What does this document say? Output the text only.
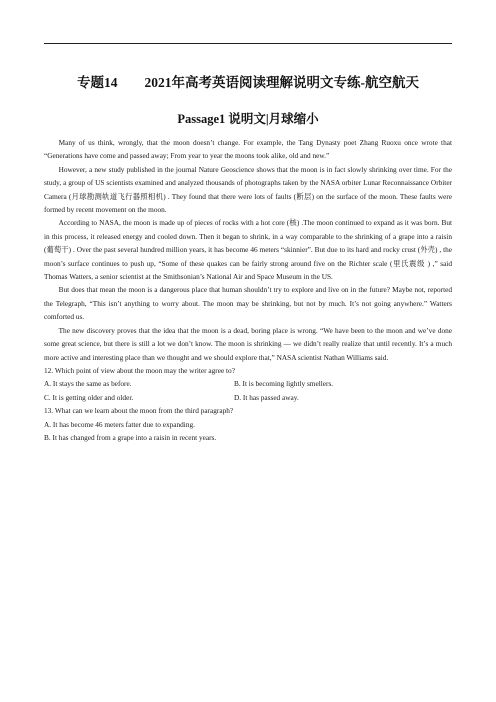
专题14　　2021年高考英语阅读理解说明文专练-航空航天
Passage1 说明文|月球缩小

Many of us think, wrongly, that the moon doesn’t change. For example, the Tang Dynasty poet Zhang Ruoxu once wrote that “Generations have come and passed away; From year to year the moons took alike, old and new.”

However, a new study published in the journal Nature Geoscience shows that the moon is in fact slowly shrinking over time. For the study, a group of US scientists examined and analyzed thousands of photographs taken by the NASA orbiter Lunar Reconnaissance Orbiter Camera (月球勘测轨道飞行器照相机) . They found that there were lots of faults (断层) on the surface of the moon. These faults were formed by recent movement on the moon.

According to NASA, the moon is made up of pieces of rocks with a hot core (核) .The moon continued to expand as it was born. But in this process, it released energy and cooled down. Then it began to shrink, in a way comparable to the shrinking of a grape into a raisin (葡萄干) . Over the past several hundred million years, it has become 46 meters “skinnier”. But due to its hard and rocky crust (外壳) , the moon’s surface continues to push up, “Some of these quakes can be fairly strong around five on the Richter scale (里氏震级 ) ,” said Thomas Watters, a senior scientist at the Smithsonian’s National Air and Space Museum in the US.

But does that mean the moon is a dangerous place that human shouldn’t try to explore and live on in the future? Maybe not, reported the Telegraph, “This isn’t anything to worry about. The moon may be shrinking, but not by much. It’s not going anywhere.” Watters comforted us.

The new discovery proves that the idea that the moon is a dead, boring place is wrong. “We have been to the moon and we’ve done some great science, but there is still a lot we don’t know. The moon is shrinking — we didn’t really realize that until recently. It’s a much more active and interesting place than we thought and we should explore that,” NASA scientist Nathan Williams said.

12. Which point of view about the moon may the writer agree to?

A. It stays the same as before.	B. It is becoming lightly smellers.
C. It is getting older and older.	D. It has passed away.

13. What can we learn about the moon from the third paragraph?

A. It has become 46 meters fatter due to expanding.

B. It has changed from a grape into a raisin in recent years.
